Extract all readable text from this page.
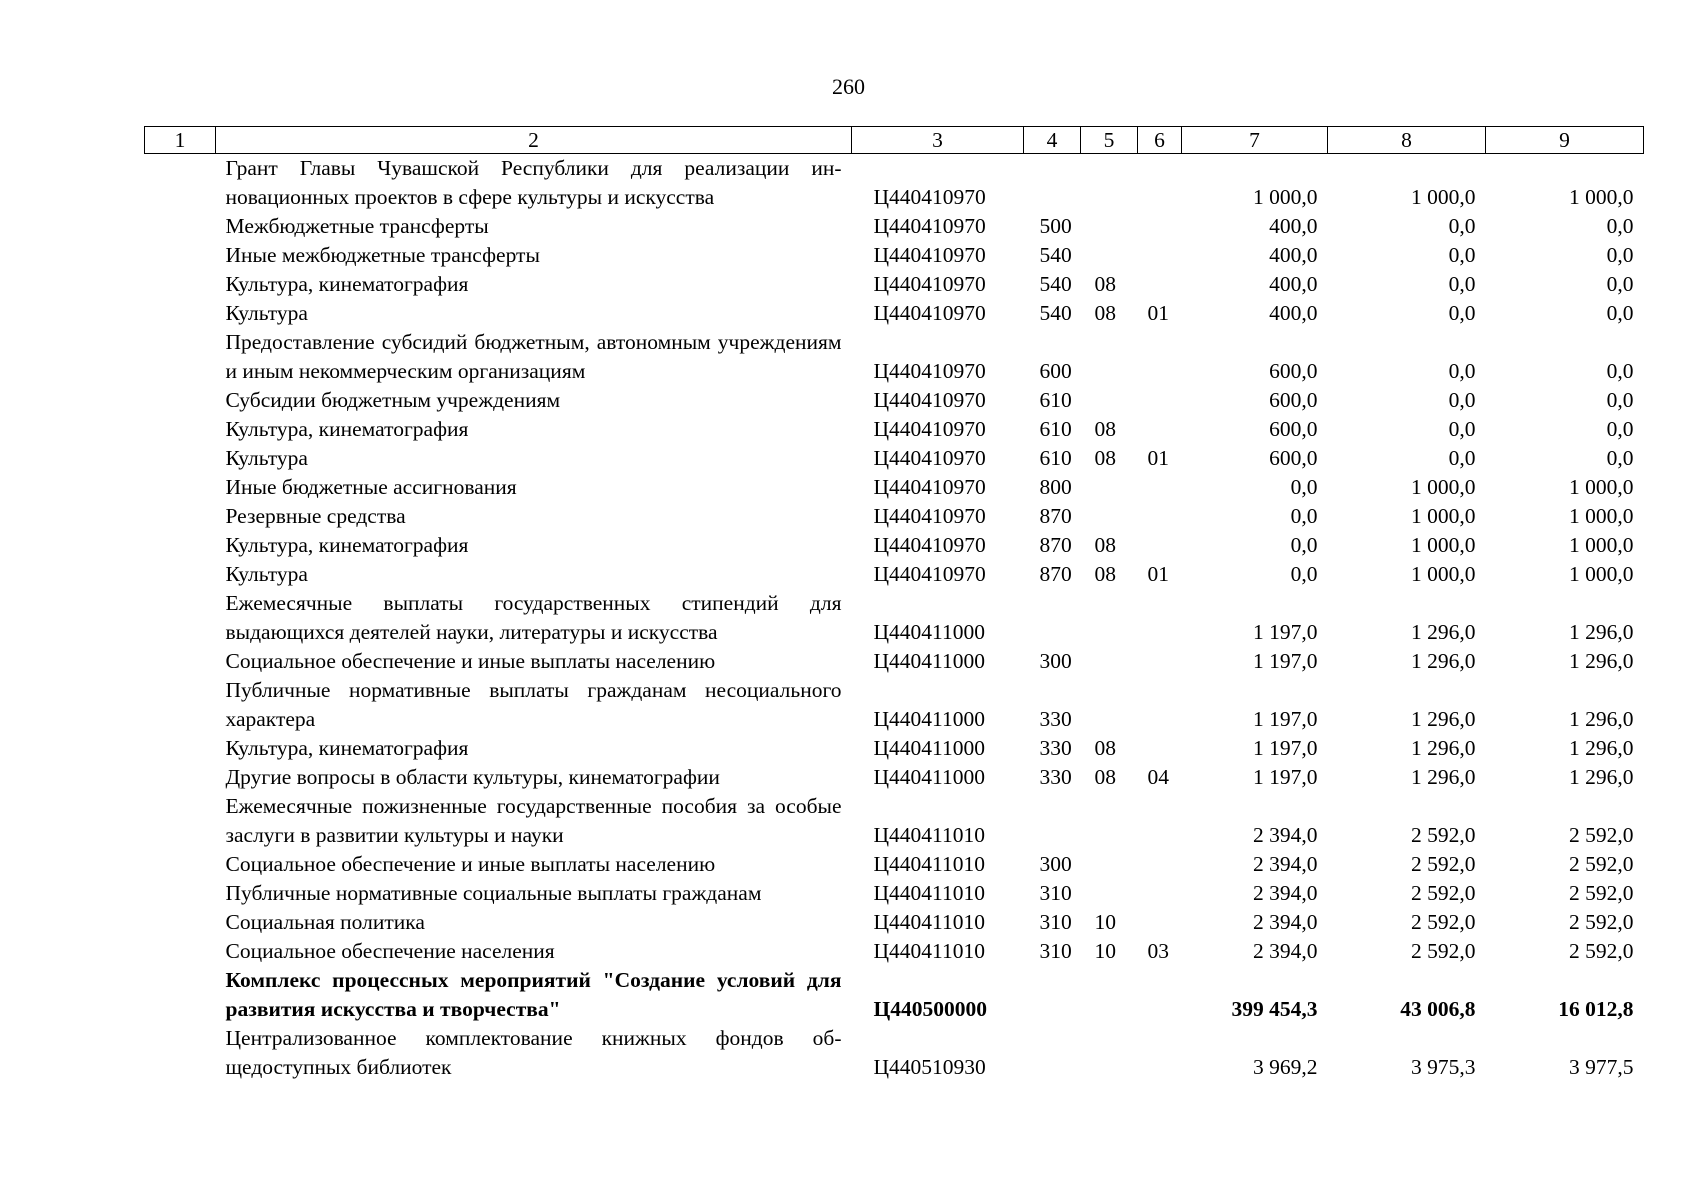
260
1	2	3	4	5	6	7	8	9
	Грант Главы Чувашской Республики для реализации инновационных проектов в сфере культуры и искусства	Ц440410970				1 000,0	1 000,0	1 000,0
	Межбюджетные трансферты	Ц440410970	500			400,0	0,0	0,0
	Иные межбюджетные трансферты	Ц440410970	540			400,0	0,0	0,0
	Культура, кинематография	Ц440410970	540	08		400,0	0,0	0,0
	Культура	Ц440410970	540	08	01	400,0	0,0	0,0
	Предоставление субсидий бюджетным, автономным учреждениям и иным некоммерческим организациям	Ц440410970	600			600,0	0,0	0,0
	Субсидии бюджетным учреждениям	Ц440410970	610			600,0	0,0	0,0
	Культура, кинематография	Ц440410970	610	08		600,0	0,0	0,0
	Культура	Ц440410970	610	08	01	600,0	0,0	0,0
	Иные бюджетные ассигнования	Ц440410970	800			0,0	1 000,0	1 000,0
	Резервные средства	Ц440410970	870			0,0	1 000,0	1 000,0
	Культура, кинематография	Ц440410970	870	08		0,0	1 000,0	1 000,0
	Культура	Ц440410970	870	08	01	0,0	1 000,0	1 000,0
	Ежемесячные выплаты государственных стипендий для выдающихся деятелей науки, литературы и искусства	Ц440411000				1 197,0	1 296,0	1 296,0
	Социальное обеспечение и иные выплаты населению	Ц440411000	300			1 197,0	1 296,0	1 296,0
	Публичные нормативные выплаты гражданам несоциального характера	Ц440411000	330			1 197,0	1 296,0	1 296,0
	Культура, кинематография	Ц440411000	330	08		1 197,0	1 296,0	1 296,0
	Другие вопросы в области культуры, кинематографии	Ц440411000	330	08	04	1 197,0	1 296,0	1 296,0
	Ежемесячные пожизненные государственные пособия за особые заслуги в развитии культуры и науки	Ц440411010				2 394,0	2 592,0	2 592,0
	Социальное обеспечение и иные выплаты населению	Ц440411010	300			2 394,0	2 592,0	2 592,0
	Публичные нормативные социальные выплаты гражданам	Ц440411010	310			2 394,0	2 592,0	2 592,0
	Социальная политика	Ц440411010	310	10		2 394,0	2 592,0	2 592,0
	Социальное обеспечение населения	Ц440411010	310	10	03	2 394,0	2 592,0	2 592,0
	Комплекс процессных мероприятий "Создание условий для развития искусства и творчества"	Ц440500000				399 454,3	43 006,8	16 012,8
	Централизованное комплектование книжных фондов общедоступных библиотек	Ц440510930				3 969,2	3 975,3	3 977,5
